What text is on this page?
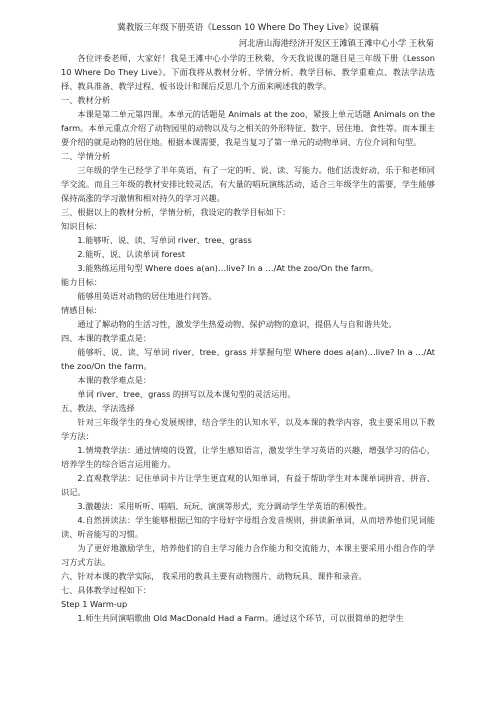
冀教版三年级下册英语《Lesson 10 Where Do They Live》说课稿
河北唐山海港经济开发区王滩镇王滩中心小学 王秋菊

各位评委老师，大家好！我是王滩中心小学的王秋菊，今天我说课的题目是三年级下册《Lesson 10 Where Do They Live》。下面我将从教材分析、学情分析、教学目标、教学重难点、教法学法选择、教具准备、教学过程、板书设计和课后反思几个方面来阐述我的教学。

一、教材分析

本课是第二单元第四课。本单元的话题是 Animals at the zoo，紧接上单元话题 Animals on the farm。本单元重点介绍了动物园里的动物以及与之相关的外形特征、数字、居住地、食性等。而本课主要介绍的就是动物的居住地。根据本课需要，我是当复习了第一单元的动物单词、方位介词和句型。

二、学情分析

三年级的学生已经学了半年英语，有了一定的听、说、读、写能力。他们活泼好动，乐于和老师同学交流。而且三年级的教材安排比较灵活，有大量的唱玩演练活动，适合三年级学生的需要，学生能够保持高涨的学习激情和相对持久的学习兴趣。

三、根据以上的教材分析，学情分析，我设定的教学目标如下：

知识目标：

1.能够听、说、读、写单词 river、tree、grass

2.能听、说、认读单词 forest

3.能熟练运用句型 Where does a(an)…live? In a …/At the zoo/On the farm。

能力目标：

能够用英语对动物的居住地进行问答。

情感目标：

通过了解动物的生活习性，激发学生热爱动物、保护动物的意识，提倡人与自和谐共处。

四、本课的教学重点是：

能够听、说、读、写单词 river、tree、grass 并掌握句型 Where does a(an)…live? In a …/At the zoo/On the farm。

本课的教学难点是：

单词 river、tree、grass 的拼写以及本课句型的灵活运用。

五、教法、学法选择

针对三年级学生的身心发展规律，结合学生的认知水平，以及本课的教学内容，我主要采用以下教学方法：

1.情境教学法：通过情境的设置，让学生感知语言，激发学生学习英语的兴趣，增强学习的信心，培养学生的综合语言运用能力。

2.直观教学法：记住单词卡片让学生更直观的认知单词，有益于帮助学生对本课单词拼音、拼音、识记。

3.激趣法：采用听听、唱唱、玩玩、演演等形式，充分调动学生学英语的积极性。

4.自然拼读法：学生能够根据已知的字母好字母组合发音规则，拼读新单词，从而培养他们见词能读、听音能写的习惯。

为了更好地激励学生，培养他们的自主学习能力合作能力和交流能力，本课主要采用小组合作的学习方式方法。

六、针对本课的教学实际， 我采用的教具主要有动物图片、动物玩具、课件和录音。

七、具体教学过程如下：

Step 1 Warm-up

1.师生共同演唱歌曲 Old MacDonald Had a Farm。通过这个环节，可以很简单的把学生
